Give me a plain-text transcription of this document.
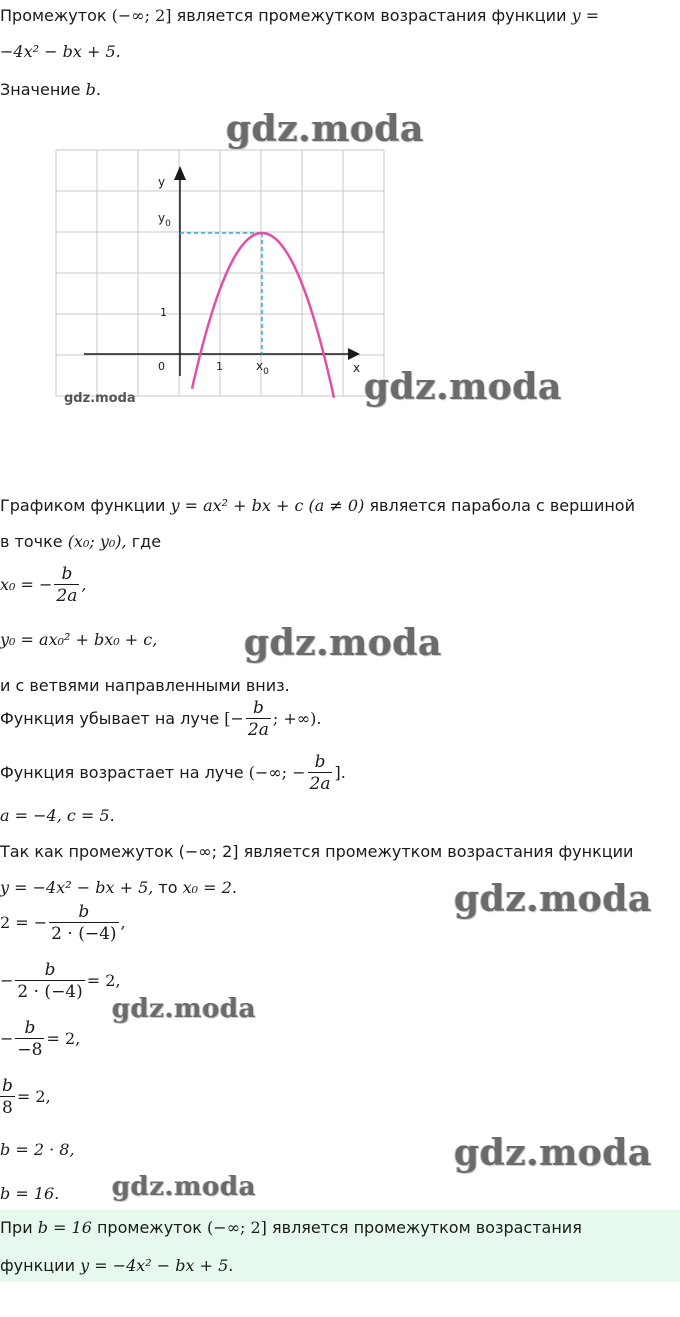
Промежуток (−∞; 2] является промежутком возрастания функции y =
−4x² − bx + 5.
Значение b.
y
x
$y_0$
$x_0$
1
1
0
gdz.moda
Графиком функции y = ax² + bx + c (a ≠ 0) является парабола с вершиной
в точке (x₀; y₀), где
x₀ = − $\frac{b}{2a}$ ,
y₀ = ax₀² + bx₀ + c,
и с ветвями направленными вниз.
Функция убывает на луче [− $\frac{b}{2a}$ ; +∞).
Функция возрастает на луче (−∞; − $\frac{b}{2a}$ ].
a = −4, c = 5.
Так как промежуток (−∞; 2] является промежутком возрастания функции
y = −4x² − bx + 5, то x₀ = 2.
2 = − $\frac{b}{2 \cdot (-4)}$ ,
− $\frac{b}{2 \cdot (-4)} = 2$,
− $\frac{b}{-8} = 2$,
$\frac{b}{8} = 2$,
b = 2 · 8,
b = 16.
При b = 16 промежуток (−∞; 2] является промежутком возрастания
функции y = −4x² − bx + 5.
gdz.moda
gdz.moda
gdz.moda
gdz.moda
gdz.moda
gdz.moda
gdz.moda
